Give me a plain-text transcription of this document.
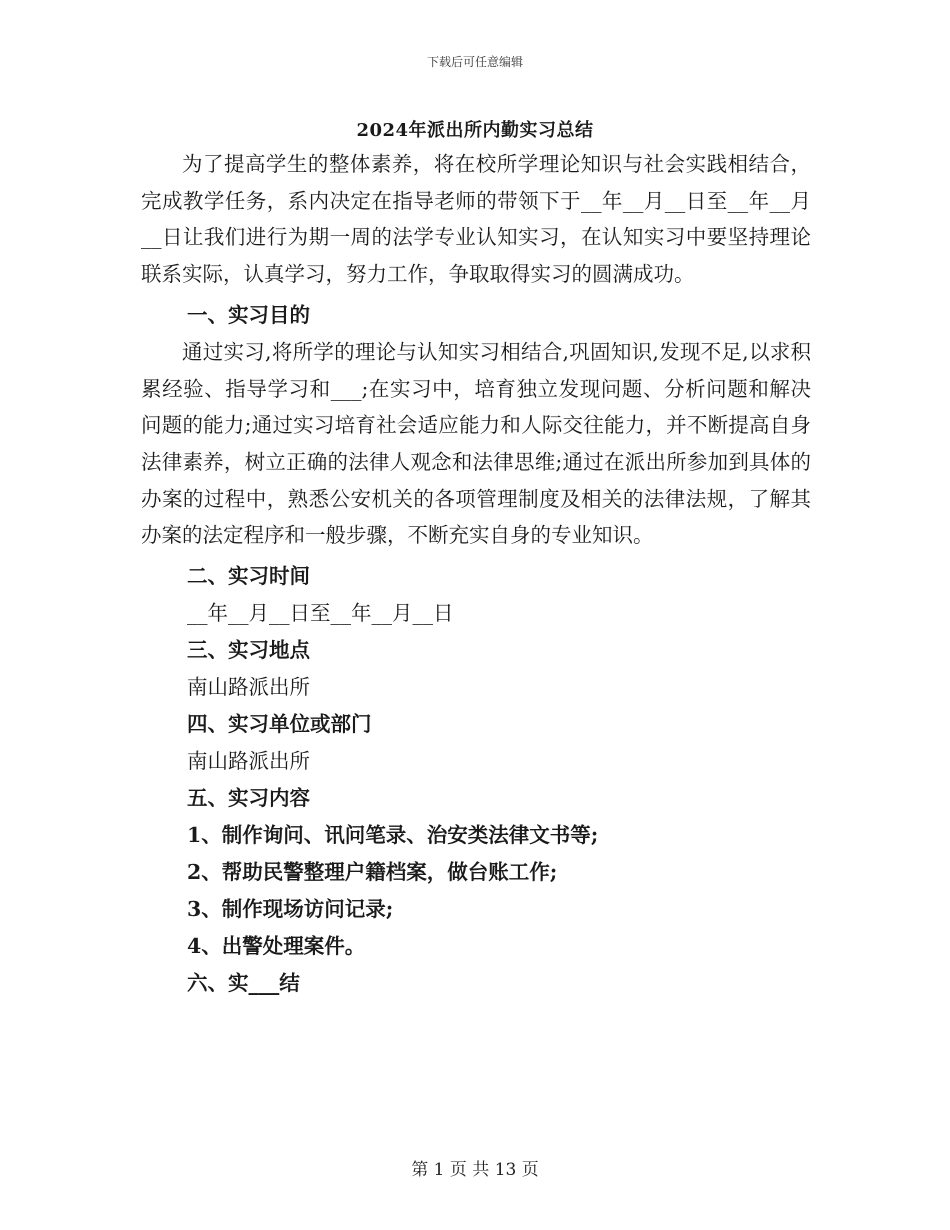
下载后可任意编辑
2024年派出所内勤实习总结

为了提高学生的整体素养，将在校所学理论知识与社会实践相结合，完成教学任务，系内决定在指导老师的带领下于__年__月__日至__年__月__日让我们进行为期一周的法学专业认知实习，在认知实习中要坚持理论联系实际，认真学习，努力工作，争取取得实习的圆满成功。

一、实习目的

通过实习,将所学的理论与认知实习相结合,巩固知识,发现不足,以求积累经验、指导学习和___;在实习中，培育独立发现问题、分析问题和解决问题的能力;通过实习培育社会适应能力和人际交往能力，并不断提高自身法律素养，树立正确的法律人观念和法律思维;通过在派出所参加到具体的办案的过程中，熟悉公安机关的各项管理制度及相关的法律法规，了解其办案的法定程序和一般步骤，不断充实自身的专业知识。

二、实习时间

__年__月__日至__年__月__日

三、实习地点

南山路派出所

四、实习单位或部门

南山路派出所

五、实习内容

1、制作询问、讯问笔录、治安类法律文书等;

2、帮助民警整理户籍档案，做台账工作;

3、制作现场访问记录;

4、出警处理案件。

六、实___结

第 1 页 共 13 页
